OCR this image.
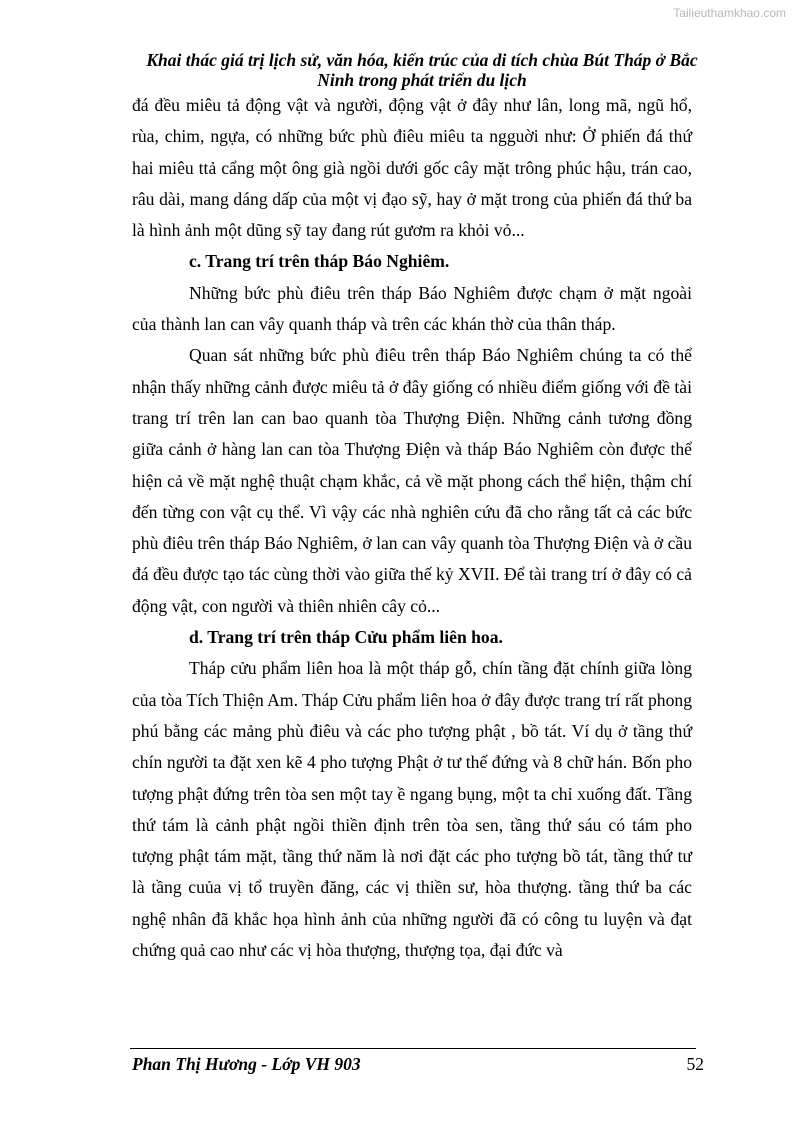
Tailieuthamkhao.com
Khai thác giá trị lịch sử, văn hóa, kiến trúc của di tích chùa Bút Tháp ở Bắc Ninh trong phát triển du lịch

đá đều miêu tả động vật và người, động vật ở đây như lân, long mã, ngũ hổ, rùa, chim, ngựa, có những bức phù điêu miêu ta ngguời như: Ở phiến đá thứ hai miêu ttả cẩng một ông già ngồi dưới gốc cây mặt trông phúc hậu, trán cao, râu dài, mang dáng dấp của một vị đạo sỹ, hay ở mặt trong của phiến đá thứ ba là hình ảnh một dũng sỹ tay đang rút gươm ra khỏi vỏ...

c. Trang trí trên tháp Báo Nghiêm.

Những bức phù điêu trên tháp Báo Nghiêm được chạm ở mặt ngoài của thành lan can vây quanh tháp và trên các khán thờ của thân tháp.

Quan sát những bức phù điêu trên tháp Báo Nghiêm chúng ta có thể nhận thấy những cảnh được miêu tả ở đây giống có nhiều điểm giống với đề tài trang trí trên lan can bao quanh tòa Thượng Điện. Những cảnh tương đồng giữa cảnh ở hàng lan can tòa Thượng Điện và tháp Báo Nghiêm còn được thể hiện cả về mặt nghệ thuật chạm khắc, cả về mặt phong cách thể hiện, thậm chí đến từng con vật cụ thể. Vì vậy các nhà nghiên cứu đã cho rằng tất cả các bức phù điêu trên tháp Báo Nghiêm, ở lan can vây quanh tòa Thượng Điện và ở cầu đá đều được tạo tác cùng thời vào giữa thế kỷ XVII. Để tài trang trí ở đây có cả động vật, con người và thiên nhiên cây cỏ...

d. Trang trí trên tháp Cửu phẩm liên hoa.

Tháp cửu phẩm liên hoa là một tháp gỗ, chín tầng đặt chính giữa lòng của tòa Tích Thiện Am. Tháp Cửu phẩm liên hoa ở đây được trang trí rất phong phú bằng các mảng phù điêu và các pho tượng phật , bồ tát. Ví dụ ở tầng thứ chín người ta đặt xen kẽ 4 pho tượng Phật ở tư thế đứng và 8 chữ hán. Bốn pho tượng phật đứng trên tòa sen một tay ề ngang bụng, một ta chỉ xuống đất. Tầng thứ tám là cảnh phật ngồi thiền định trên tòa sen, tầng thứ sáu có tám pho tượng phật tám mặt, tầng thứ năm là nơi đặt các pho tượng bồ tát, tầng thứ tư là tầng cuủa vị tổ truyền đăng, các vị thiền sư, hòa thượng. tầng thứ ba các nghệ nhân đã khắc họa hình ảnh của những người đã có công tu luyện và đạt chứng quả cao như các vị hòa thượng, thượng tọa, đại đức và

Phan Thị Hương - Lớp VH 903	52
